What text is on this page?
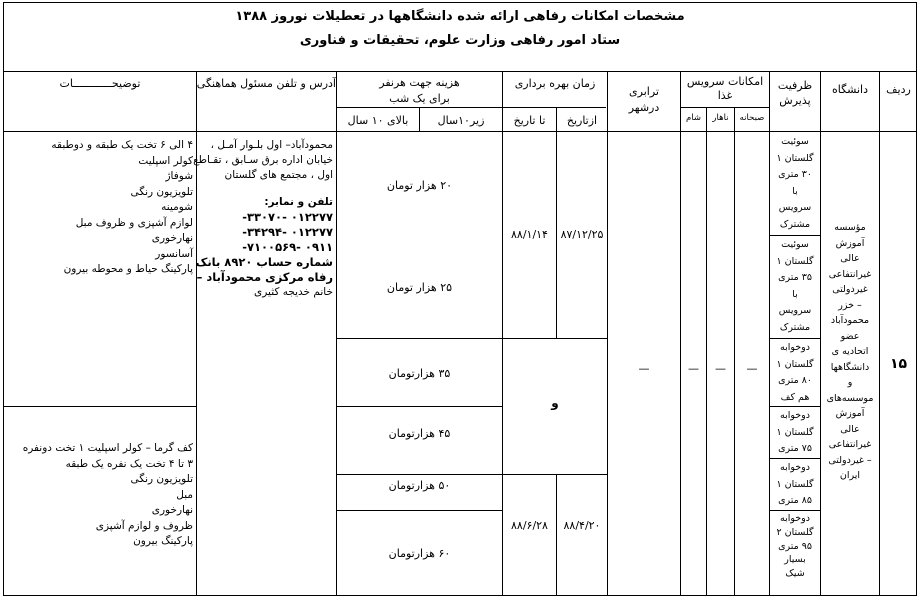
مشخصات امکانات رفاهی ارائه شده دانشگاهها در تعطیلات نوروز ۱۳۸۸
ستاد امور رفاهی وزارت علوم، تحقیقات و فناوری
ردیف
دانشگاه
ظرفیت پذیرش
امکانات سرویس غذا
صبحانه
ناهار
شام
ترابری درشهر
زمان بهره برداری
ازتاریخ
تا تاریخ
هزینه جهت هرنفر برای یک شب
زیر۱۰سال
بالای ۱۰ سال
آدرس و تلفن مسئول هماهنگی
توضیحــــــــــــات
۱۵
مؤسسه
آموزش
عالی
غیرانتفاعی
غیردولتی
– خزر
محمودآباد
عضو
اتحادیه ی
دانشگاهها
و
موسسه‌های
آموزش
عالی
غیرانتفاعی
– غیردولتی
ایران
سوئیت
گلستان ۱
۳۰ متری
با
سرویس
مشترک
سوئیت
گلستان ۱
۳۵ متری
با
سرویس
مشترک
دوخوابه
گلستان ۱
۸۰ متری
هم کف
دوخوابه
گلستان ۱
۷۵ متری
دوخوابه
گلستان ۱
۸۵ متری
دوخوابه
گلستان ۲
۹۵ متری
بسیار
شیک
—
—
—
—
۸۷/۱۲/۲۵
۸۸/۱/۱۴
و
۸۸/۴/۲۰
۸۸/۶/۲۸
۲۰ هزار تومان
۲۵ هزار تومان
۳۵ هزارتومان
۴۵ هزارتومان
۵۰ هزارتومان
۶۰ هزارتومان
محمودآباد– اول بلـوار آمـل ،
خیابان اداره برق سـابق ، تقـاطع
اول ، مجتمع های گلستان
تلفن و نمابر:
۰۱۲۲۷۷ -۳۳۰۷۰-
۰۱۲۲۷۷ -۳۴۲۹۴-
۰۹۱۱ -۷۱۰۰۵۶۹-
شماره حساب ۸۹۲۰ بانک
رفاه مرکزی محمودآباد –
خانم خدیجه کثیری
۴ الی ۶ تخت یک طبقه و دوطبقه
کولر اسپلیت
شوفاژ
تلویزیون رنگی
شومینه
لوازم آشپزی و ظروف مبل
نهارخوری
آسانسور
پارکینگ حیاط و محوطه بیرون
کف گرما – کولر اسپلیت ۱ تخت دونفره
۳ تا ۴ تخت یک نفره یک طبقه
تلویزیون رنگی
مبل
نهارخوری
ظروف و لوازم آشپزی
پارکینگ بیرون
